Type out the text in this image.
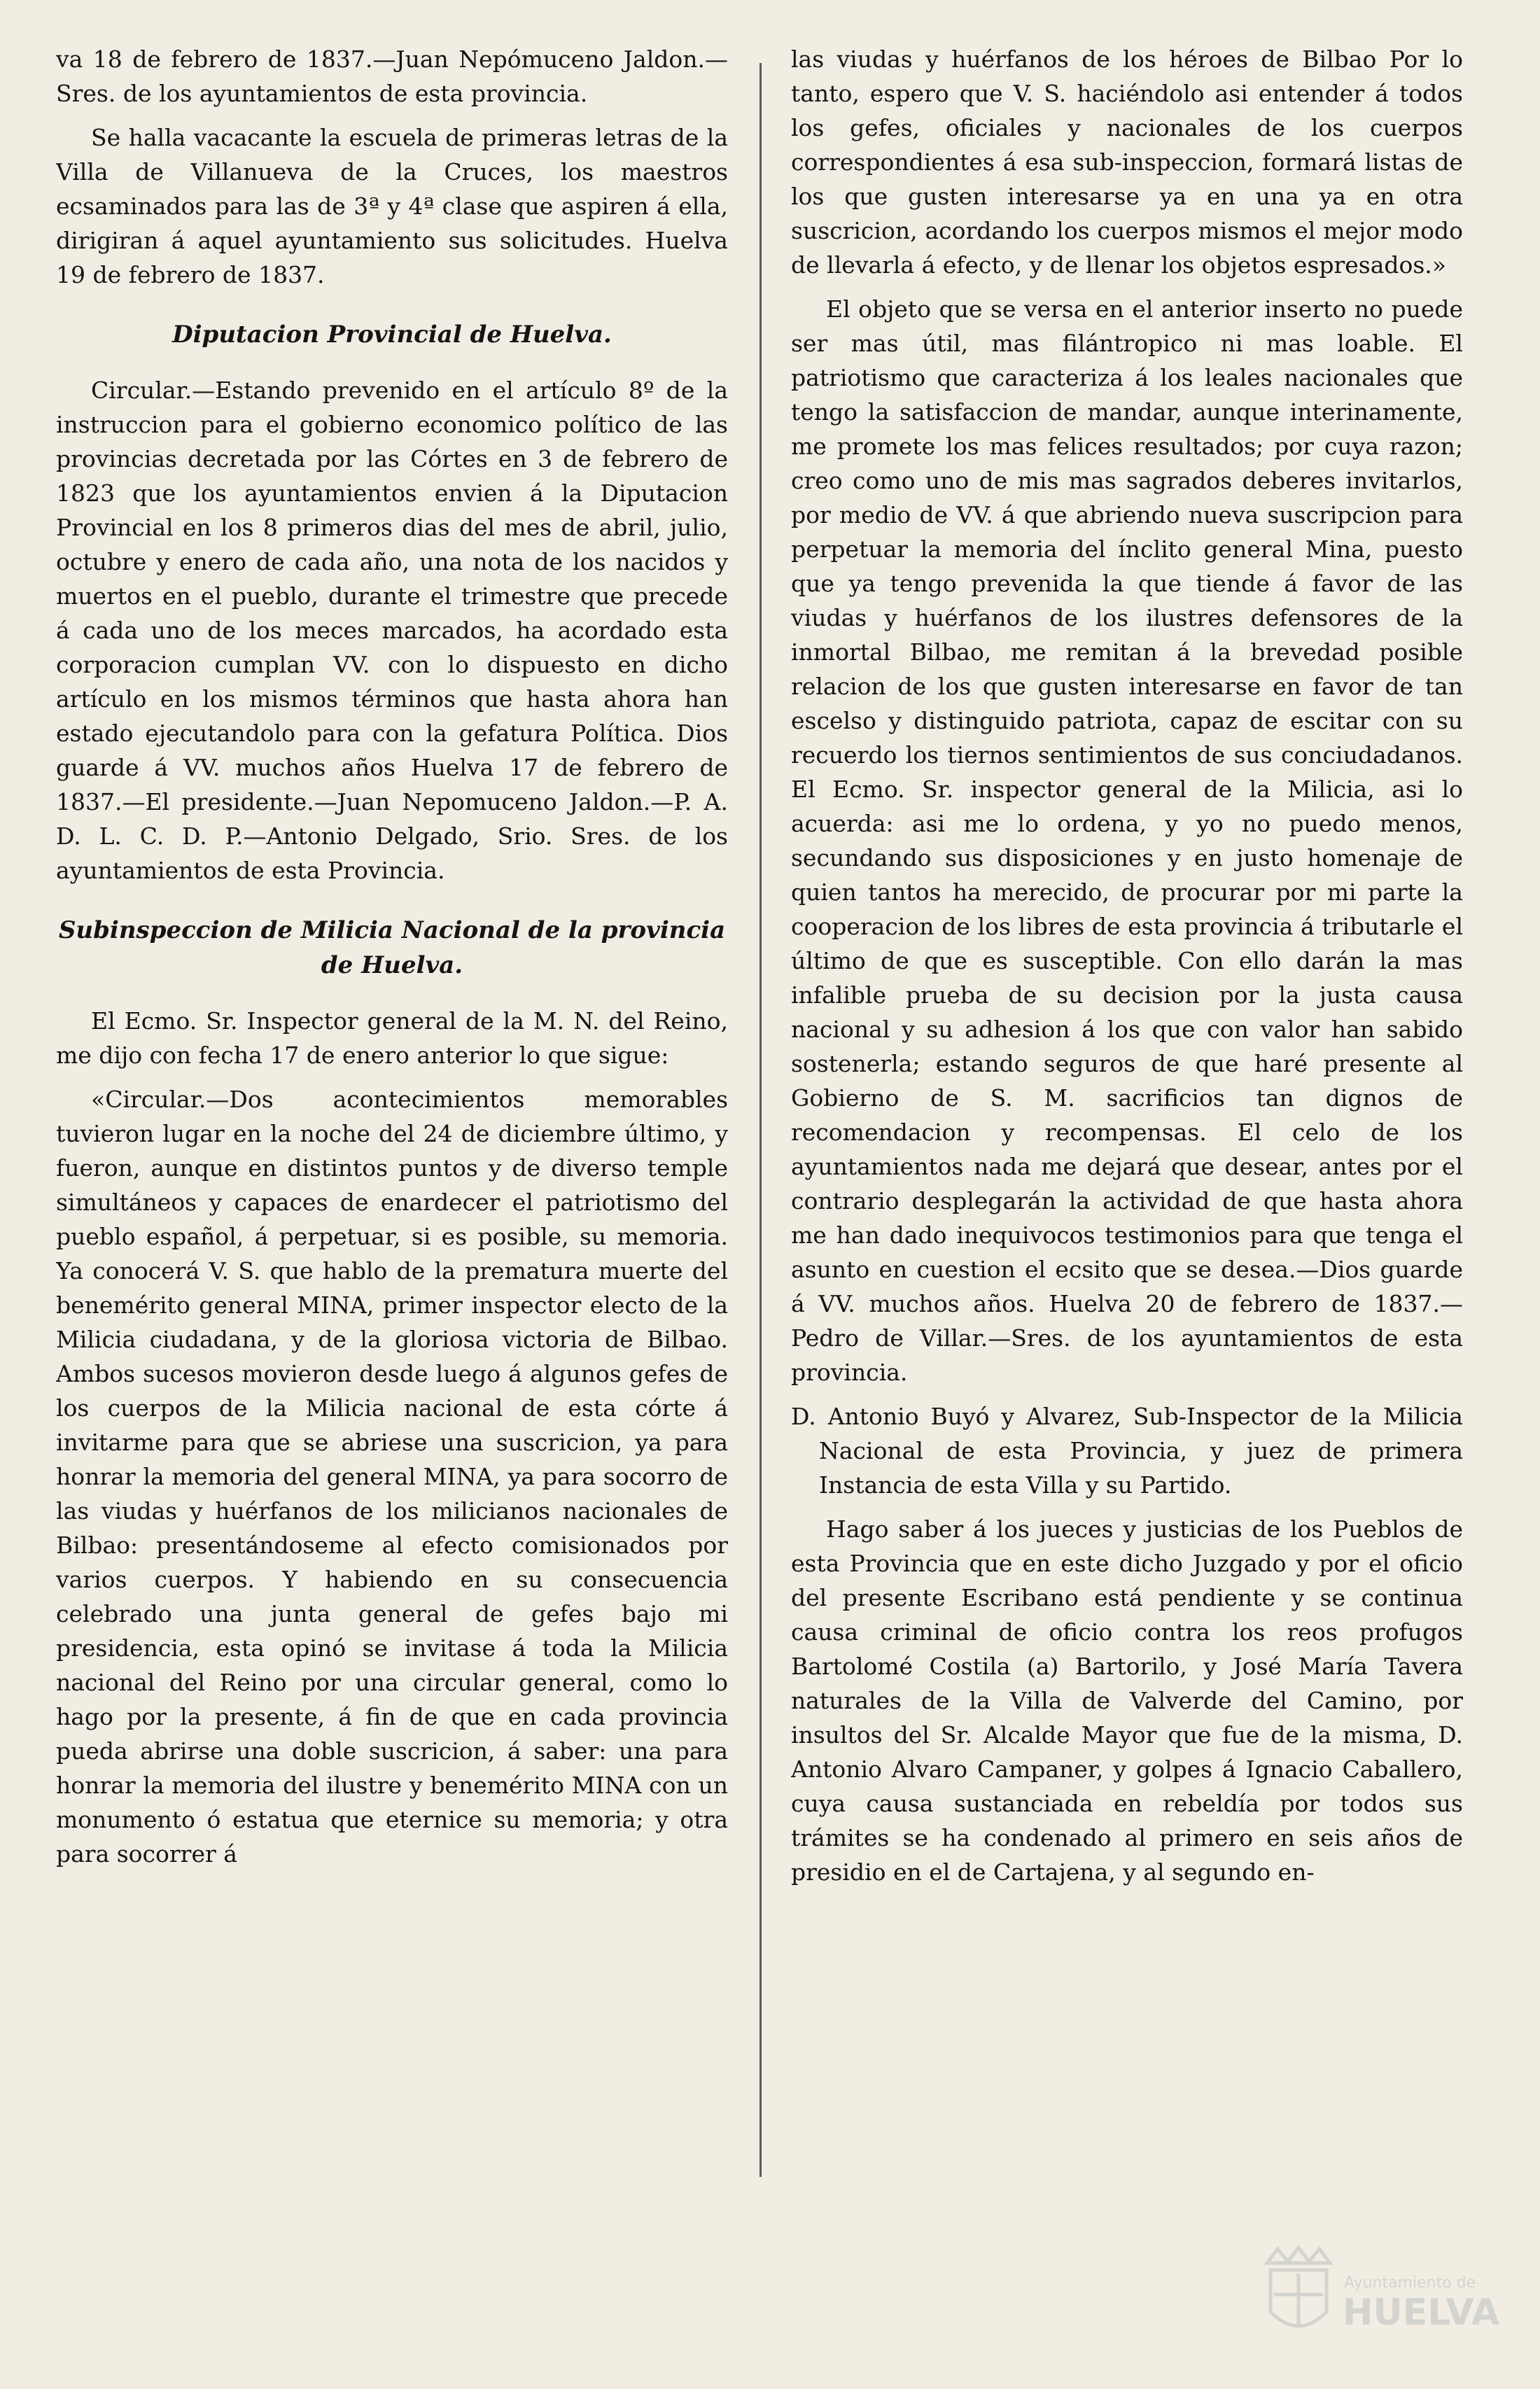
va 18 de febrero de 1837.—Juan Nepómuceno Jaldon.—Sres. de los ayuntamientos de esta provincia.

Se halla vacacante la escuela de primeras letras de la Villa de Villanueva de la Cruces, los maestros ecsaminados para las de 3ª y 4ª clase que aspiren á ella, dirigiran á aquel ayuntamiento sus solicitudes. Huelva 19 de febrero de 1837.

Diputacion Provincial de Huelva.

Circular.—Estando prevenido en el artículo 8º de la instruccion para el gobierno economico político de las provincias decretada por las Córtes en 3 de febrero de 1823 que los ayuntamientos envien á la Diputacion Provincial en los 8 primeros dias del mes de abril, julio, octubre y enero de cada año, una nota de los nacidos y muertos en el pueblo, durante el trimestre que precede á cada uno de los meces marcados, ha acordado esta corporacion cumplan VV. con lo dispuesto en dicho artículo en los mismos términos que hasta ahora han estado ejecutandolo para con la gefatura Política. Dios guarde á VV. muchos años Huelva 17 de febrero de 1837.—El presidente.—Juan Nepomuceno Jaldon.—P. A. D. L. C. D. P.—Antonio Delgado, Srio. Sres. de los ayuntamientos de esta Provincia.

Subinspeccion de Milicia Nacional de la provincia de Huelva.

El Ecmo. Sr. Inspector general de la M. N. del Reino, me dijo con fecha 17 de enero anterior lo que sigue:

«Circular.—Dos acontecimientos memorables tuvieron lugar en la noche del 24 de diciembre último, y fueron, aunque en distintos puntos y de diverso temple simultáneos y capaces de enardecer el patriotismo del pueblo español, á perpetuar, si es posible, su memoria. Ya conocerá V. S. que hablo de la prematura muerte del benemérito general MINA, primer inspector electo de la Milicia ciudadana, y de la gloriosa victoria de Bilbao. Ambos sucesos movieron desde luego á algunos gefes de los cuerpos de la Milicia nacional de esta córte á invitarme para que se abriese una suscricion, ya para honrar la memoria del general MINA, ya para socorro de las viudas y huérfanos de los milicianos nacionales de Bilbao: presentándoseme al efecto comisionados por varios cuerpos. Y habiendo en su consecuencia celebrado una junta general de gefes bajo mi presidencia, esta opinó se invitase á toda la Milicia nacional del Reino por una circular general, como lo hago por la presente, á fin de que en cada provincia pueda abrirse una doble suscricion, á saber: una para honrar la memoria del ilustre y benemérito MINA con un monumento ó estatua que eternice su memoria; y otra para socorrer á

las viudas y huérfanos de los héroes de Bilbao Por lo tanto, espero que V. S. haciéndolo asi entender á todos los gefes, oficiales y nacionales de los cuerpos correspondientes á esa sub-inspeccion, formará listas de los que gusten interesarse ya en una ya en otra suscricion, acordando los cuerpos mismos el mejor modo de llevarla á efecto, y de llenar los objetos espresados.»

El objeto que se versa en el anterior inserto no puede ser mas útil, mas filántropico ni mas loable. El patriotismo que caracteriza á los leales nacionales que tengo la satisfaccion de mandar, aunque interinamente, me promete los mas felices resultados; por cuya razon; creo como uno de mis mas sagrados deberes invitarlos, por medio de VV. á que abriendo nueva suscripcion para perpetuar la memoria del ínclito general Mina, puesto que ya tengo prevenida la que tiende á favor de las viudas y huérfanos de los ilustres defensores de la inmortal Bilbao, me remitan á la brevedad posible relacion de los que gusten interesarse en favor de tan escelso y distinguido patriota, capaz de escitar con su recuerdo los tiernos sentimientos de sus conciudadanos. El Ecmo. Sr. inspector general de la Milicia, asi lo acuerda: asi me lo ordena, y yo no puedo menos, secundando sus disposiciones y en justo homenaje de quien tantos ha merecido, de procurar por mi parte la cooperacion de los libres de esta provincia á tributarle el último de que es susceptible. Con ello darán la mas infalible prueba de su decision por la justa causa nacional y su adhesion á los que con valor han sabido sostenerla; estando seguros de que haré presente al Gobierno de S. M. sacrificios tan dignos de recomendacion y recompensas. El celo de los ayuntamientos nada me dejará que desear, antes por el contrario desplegarán la actividad de que hasta ahora me han dado inequivocos testimonios para que tenga el asunto en cuestion el ecsito que se desea.—Dios guarde á VV. muchos años. Huelva 20 de febrero de 1837.—Pedro de Villar.—Sres. de los ayuntamientos de esta provincia.

D. Antonio Buyó y Alvarez, Sub-Inspector de la Milicia Nacional de esta Provincia, y juez de primera Instancia de esta Villa y su Partido.

Hago saber á los jueces y justicias de los Pueblos de esta Provincia que en este dicho Juzgado y por el oficio del presente Escribano está pendiente y se continua causa criminal de oficio contra los reos profugos Bartolomé Costila (a) Bartorilo, y José María Tavera naturales de la Villa de Valverde del Camino, por insultos del Sr. Alcalde Mayor que fue de la misma, D. Antonio Alvaro Campaner, y golpes á Ignacio Caballero, cuya causa sustanciada en rebeldía por todos sus trámites se ha condenado al primero en seis años de presidio en el de Cartajena, y al segundo en-

Ayuntamiento de
HUELVA
